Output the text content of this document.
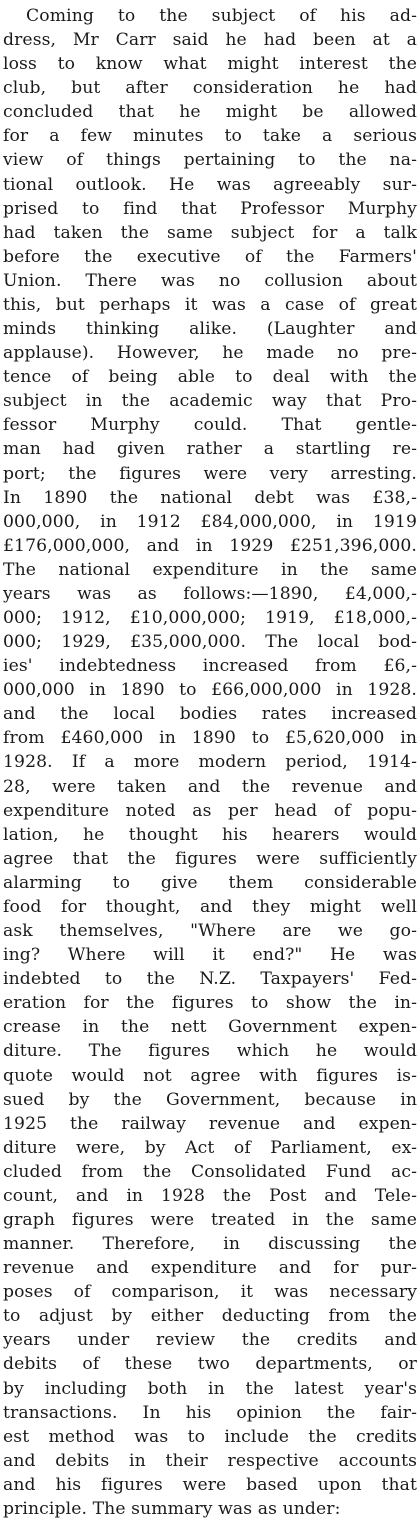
Coming to the subject of his ad-
dress, Mr Carr said he had been at a
loss to know what might interest the
club, but after consideration he had
concluded that he might be allowed
for a few minutes to take a serious
view of things pertaining to the na-
tional outlook. He was agreeably sur-
prised to find that Professor Murphy
had taken the same subject for a talk
before the executive of the Farmers'
Union. There was no collusion about
this, but perhaps it was a case of great
minds thinking alike. (Laughter and
applause). However, he made no pre-
tence of being able to deal with the
subject in the academic way that Pro-
fessor Murphy could. That gentle-
man had given rather a startling re-
port; the figures were very arresting.
In 1890 the national debt was £38,-
000,000, in 1912 £84,000,000, in 1919
£176,000,000, and in 1929 £251,396,000.
The national expenditure in the same
years was as follows:—1890, £4,000,-
000; 1912, £10,000,000; 1919, £18,000,-
000; 1929, £35,000,000. The local bod-
ies' indebtedness increased from £6,-
000,000 in 1890 to £66,000,000 in 1928.
and the local bodies rates increased
from £460,000 in 1890 to £5,620,000 in
1928. If a more modern period, 1914-
28, were taken and the revenue and
expenditure noted as per head of popu-
lation, he thought his hearers would
agree that the figures were sufficiently
alarming to give them considerable
food for thought, and they might well
ask themselves, "Where are we go-
ing? Where will it end?" He was
indebted to the N.Z. Taxpayers' Fed-
eration for the figures to show the in-
crease in the nett Government expen-
diture. The figures which he would
quote would not agree with figures is-
sued by the Government, because in
1925 the railway revenue and expen-
diture were, by Act of Parliament, ex-
cluded from the Consolidated Fund ac-
count, and in 1928 the Post and Tele-
graph figures were treated in the same
manner. Therefore, in discussing the
revenue and expenditure and for pur-
poses of comparison, it was necessary
to adjust by either deducting from the
years under review the credits and
debits of these two departments, or
by including both in the latest year's
transactions. In his opinion the fair-
est method was to include the credits
and debits in their respective accounts
and his figures were based upon that
principle. The summary was as under:
